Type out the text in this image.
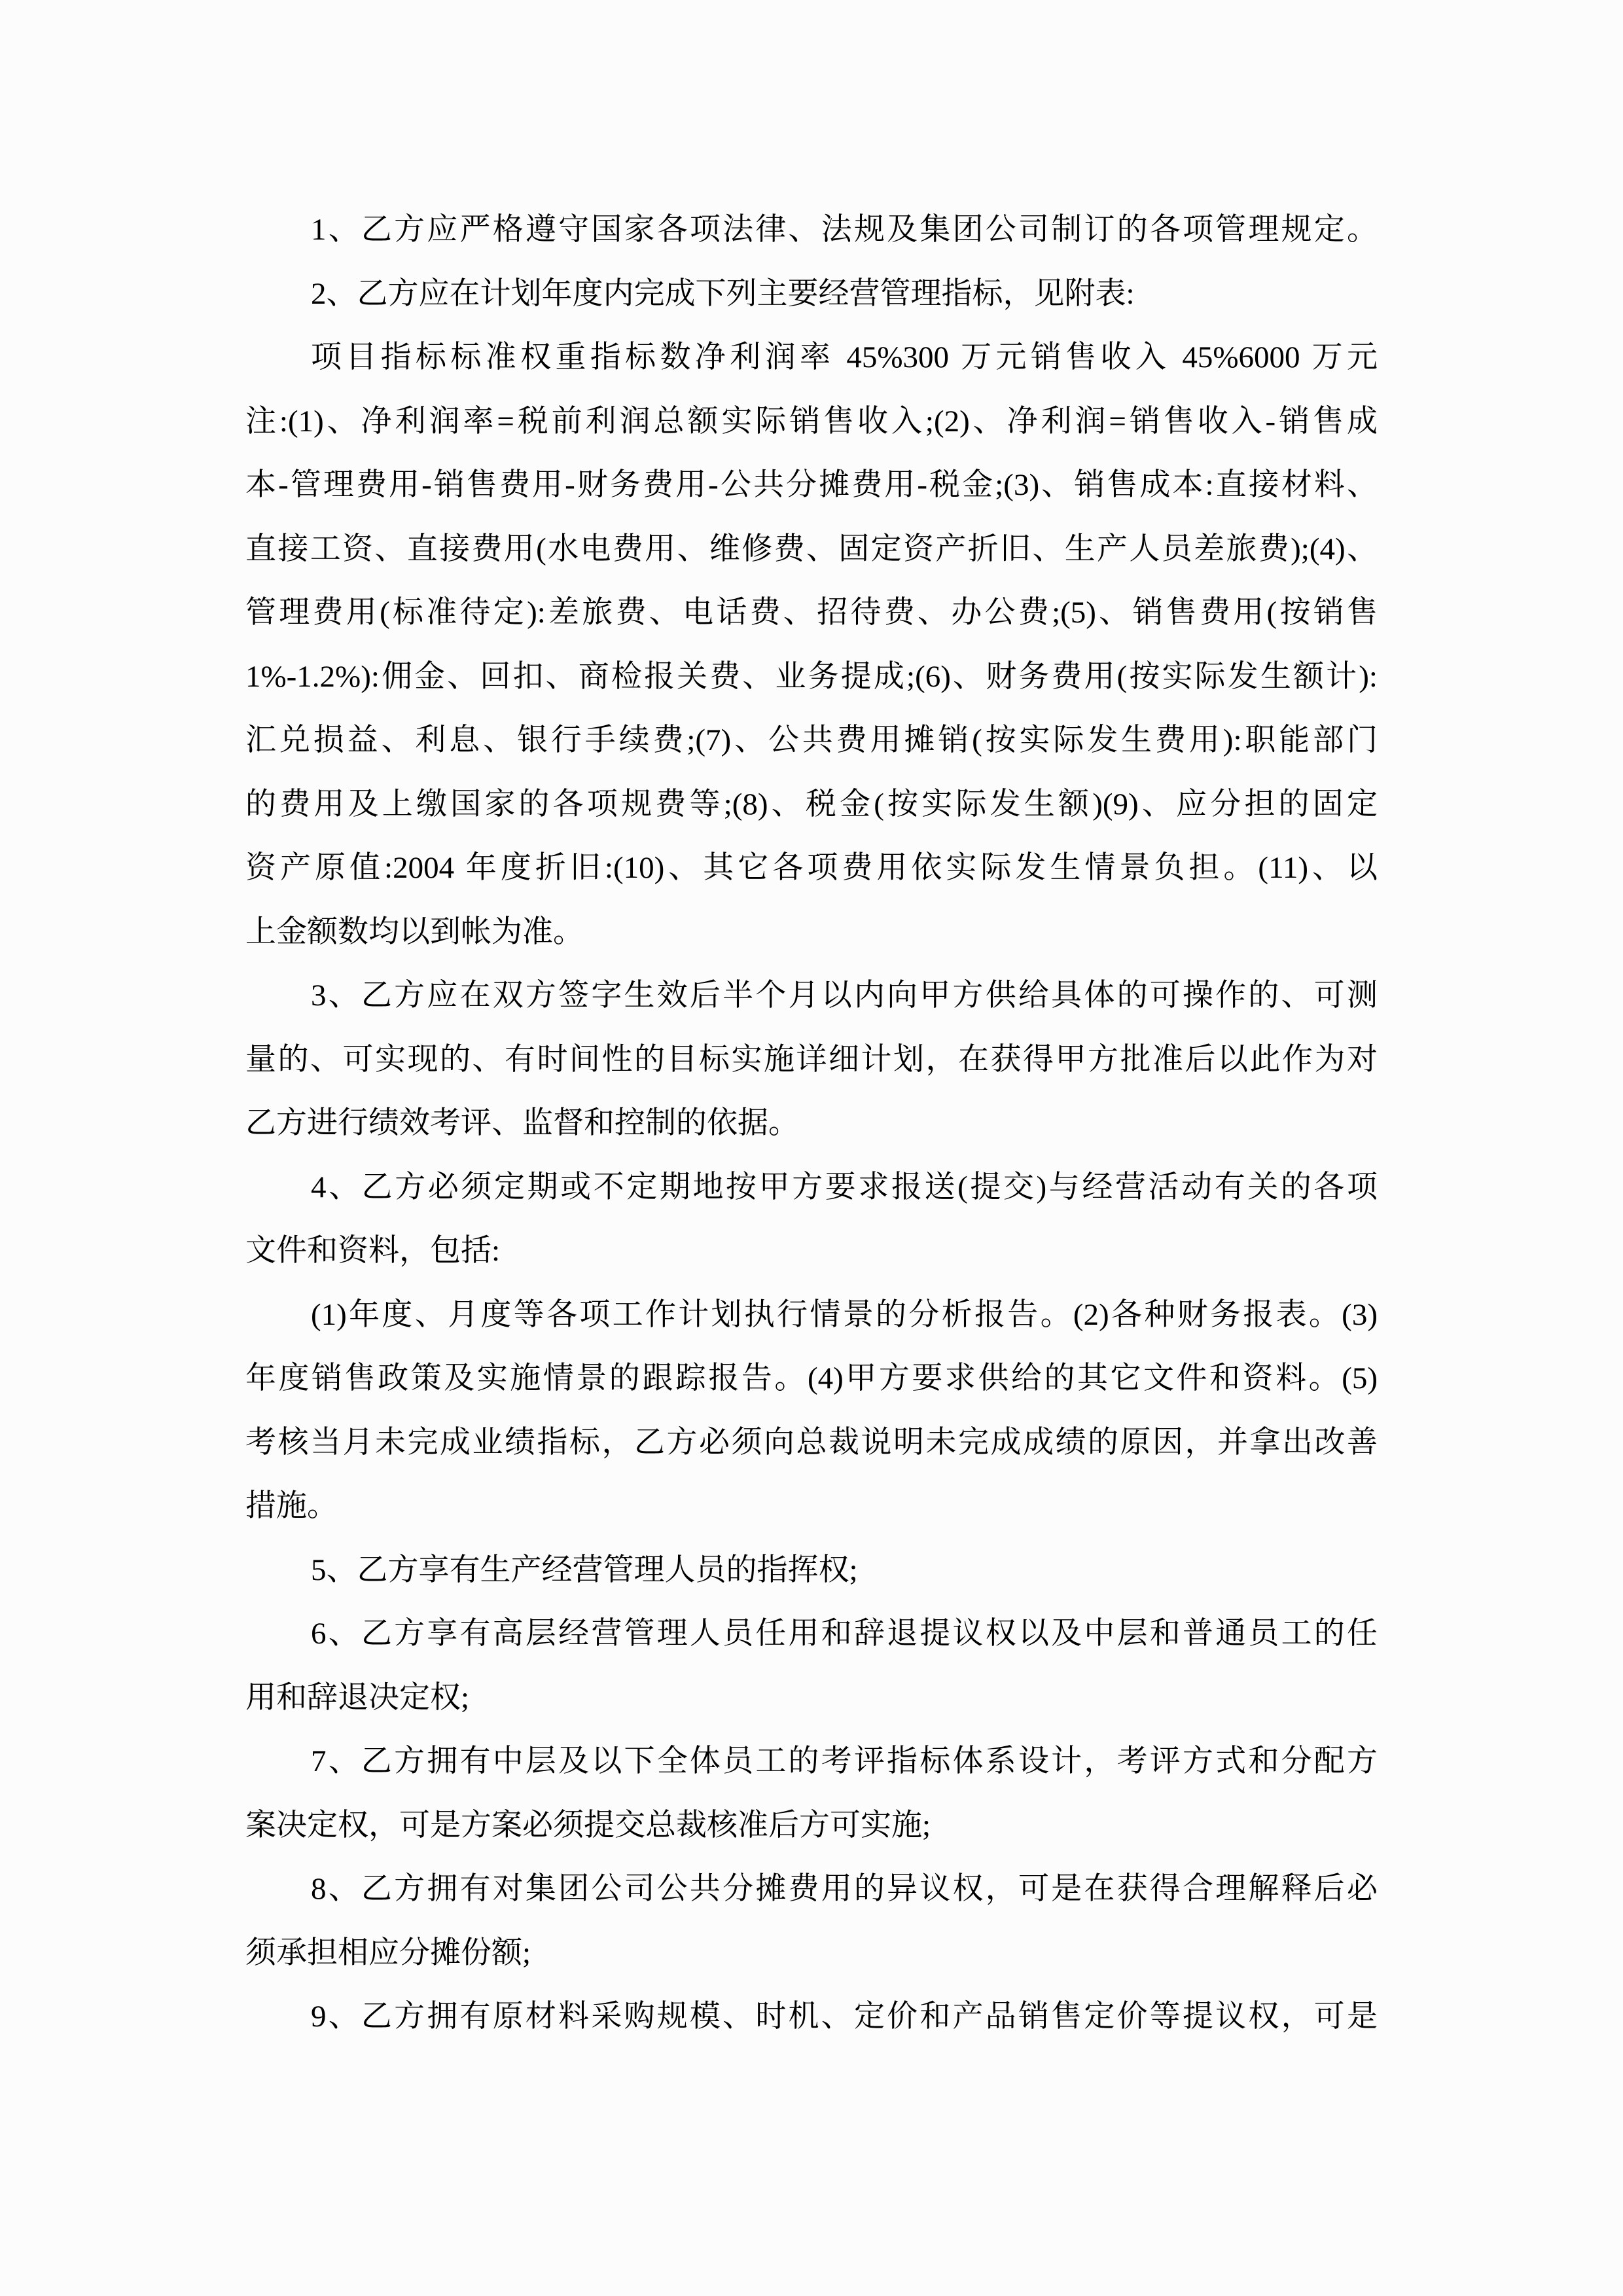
1、乙方应严格遵守国家各项法律、法规及集团公司制订的各项管理规定。
2、乙方应在计划年度内完成下列主要经营管理指标，见附表:
项目指标标准权重指标数净利润率 45%300 万元销售收入 45%6000 万元
注:(1)、净利润率=税前利润总额实际销售收入;(2)、净利润=销售收入-销售成
本-管理费用-销售费用-财务费用-公共分摊费用-税金;(3)、销售成本:直接材料、
直接工资、直接费用(水电费用、维修费、固定资产折旧、生产人员差旅费);(4)、
管理费用(标准待定):差旅费、电话费、招待费、办公费;(5)、销售费用(按销售
1%-1.2%):佣金、回扣、商检报关费、业务提成;(6)、财务费用(按实际发生额计):
汇兑损益、利息、银行手续费;(7)、公共费用摊销(按实际发生费用):职能部门
的费用及上缴国家的各项规费等;(8)、税金(按实际发生额)(9)、应分担的固定
资产原值:2004 年度折旧:(10)、其它各项费用依实际发生情景负担。(11)、以
上金额数均以到帐为准。
3、乙方应在双方签字生效后半个月以内向甲方供给具体的可操作的、可测
量的、可实现的、有时间性的目标实施详细计划，在获得甲方批准后以此作为对
乙方进行绩效考评、监督和控制的依据。
4、乙方必须定期或不定期地按甲方要求报送(提交)与经营活动有关的各项
文件和资料，包括:
(1)年度、月度等各项工作计划执行情景的分析报告。(2)各种财务报表。(3)
年度销售政策及实施情景的跟踪报告。(4)甲方要求供给的其它文件和资料。(5)
考核当月未完成业绩指标，乙方必须向总裁说明未完成成绩的原因，并拿出改善
措施。
5、乙方享有生产经营管理人员的指挥权;
6、乙方享有高层经营管理人员任用和辞退提议权以及中层和普通员工的任
用和辞退决定权;
7、乙方拥有中层及以下全体员工的考评指标体系设计，考评方式和分配方
案决定权，可是方案必须提交总裁核准后方可实施;
8、乙方拥有对集团公司公共分摊费用的异议权，可是在获得合理解释后必
须承担相应分摊份额;
9、乙方拥有原材料采购规模、时机、定价和产品销售定价等提议权，可是
